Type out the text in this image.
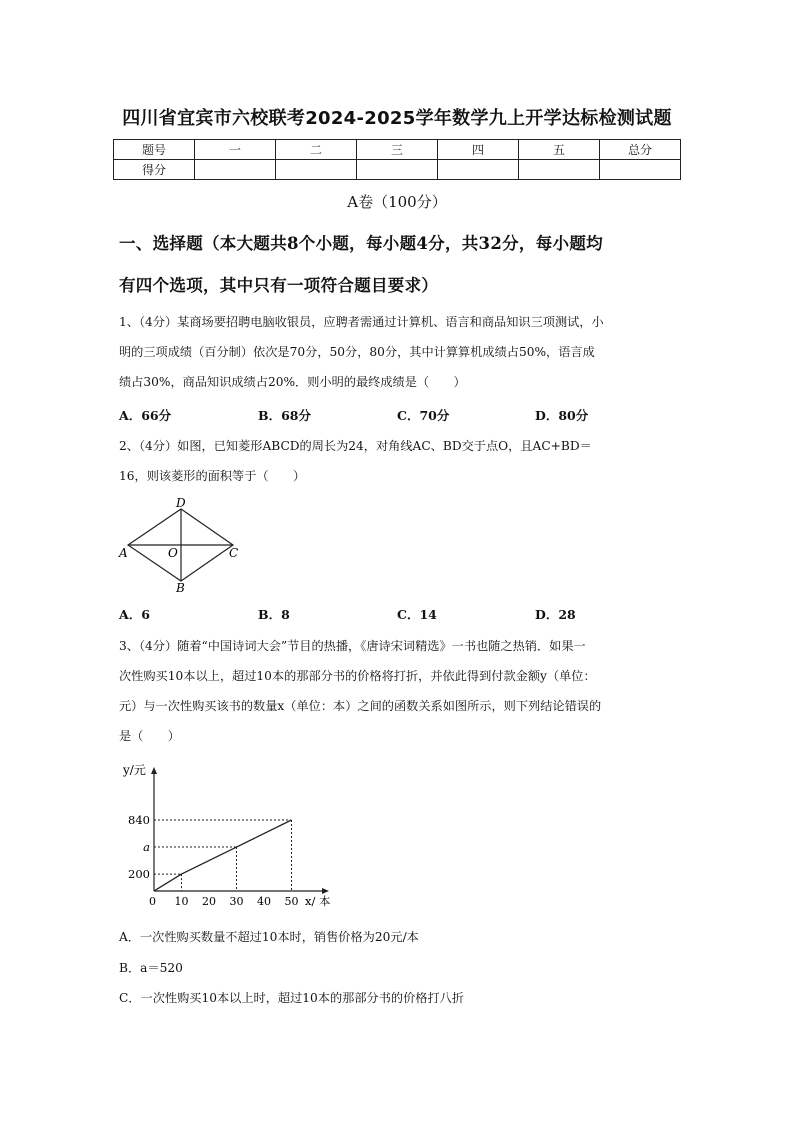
四川省宜宾市六校联考2024-2025学年数学九上开学达标检测试题
题号	一	二	三	四	五	总分
得分						
A卷（100分）
一、选择题（本大题共8个小题，每小题4分，共32分，每小题均
有四个选项，其中只有一项符合题目要求）
1、（4分）某商场要招聘电脑收银员，应聘者需通过计算机、语言和商品知识三项测试，小
明的三项成绩（百分制）依次是70分，50分，80分，其中计算算机成绩占50%，语言成
绩占30%，商品知识成绩占20%．则小明的最终成绩是（　　）
A．66分	B．68分	C．70分	D．80分
2、（4分）如图，已知菱形ABCD的周长为24，对角线AC、BD交于点O，且AC+BD＝
16，则该菱形的面积等于（　　）
A	C
D
B
O
A．6	B．8	C．14	D．28
3、（4分）随着“中国诗词大会”节目的热播，《唐诗宋词精选》一书也随之热销．如果一
次性购买10本以上，超过10本的那部分书的价格将打折，并依此得到付款金额y（单位：
元）与一次性购买该书的数量x（单位：本）之间的函数关系如图所示，则下列结论错误的
是（　　）
y/元
x/ 本
0
840
a
200
10 20 30 40 50
A．一次性购买数量不超过10本时，销售价格为20元/本
B．a＝520
C．一次性购买10本以上时，超过10本的那部分书的价格打八折
